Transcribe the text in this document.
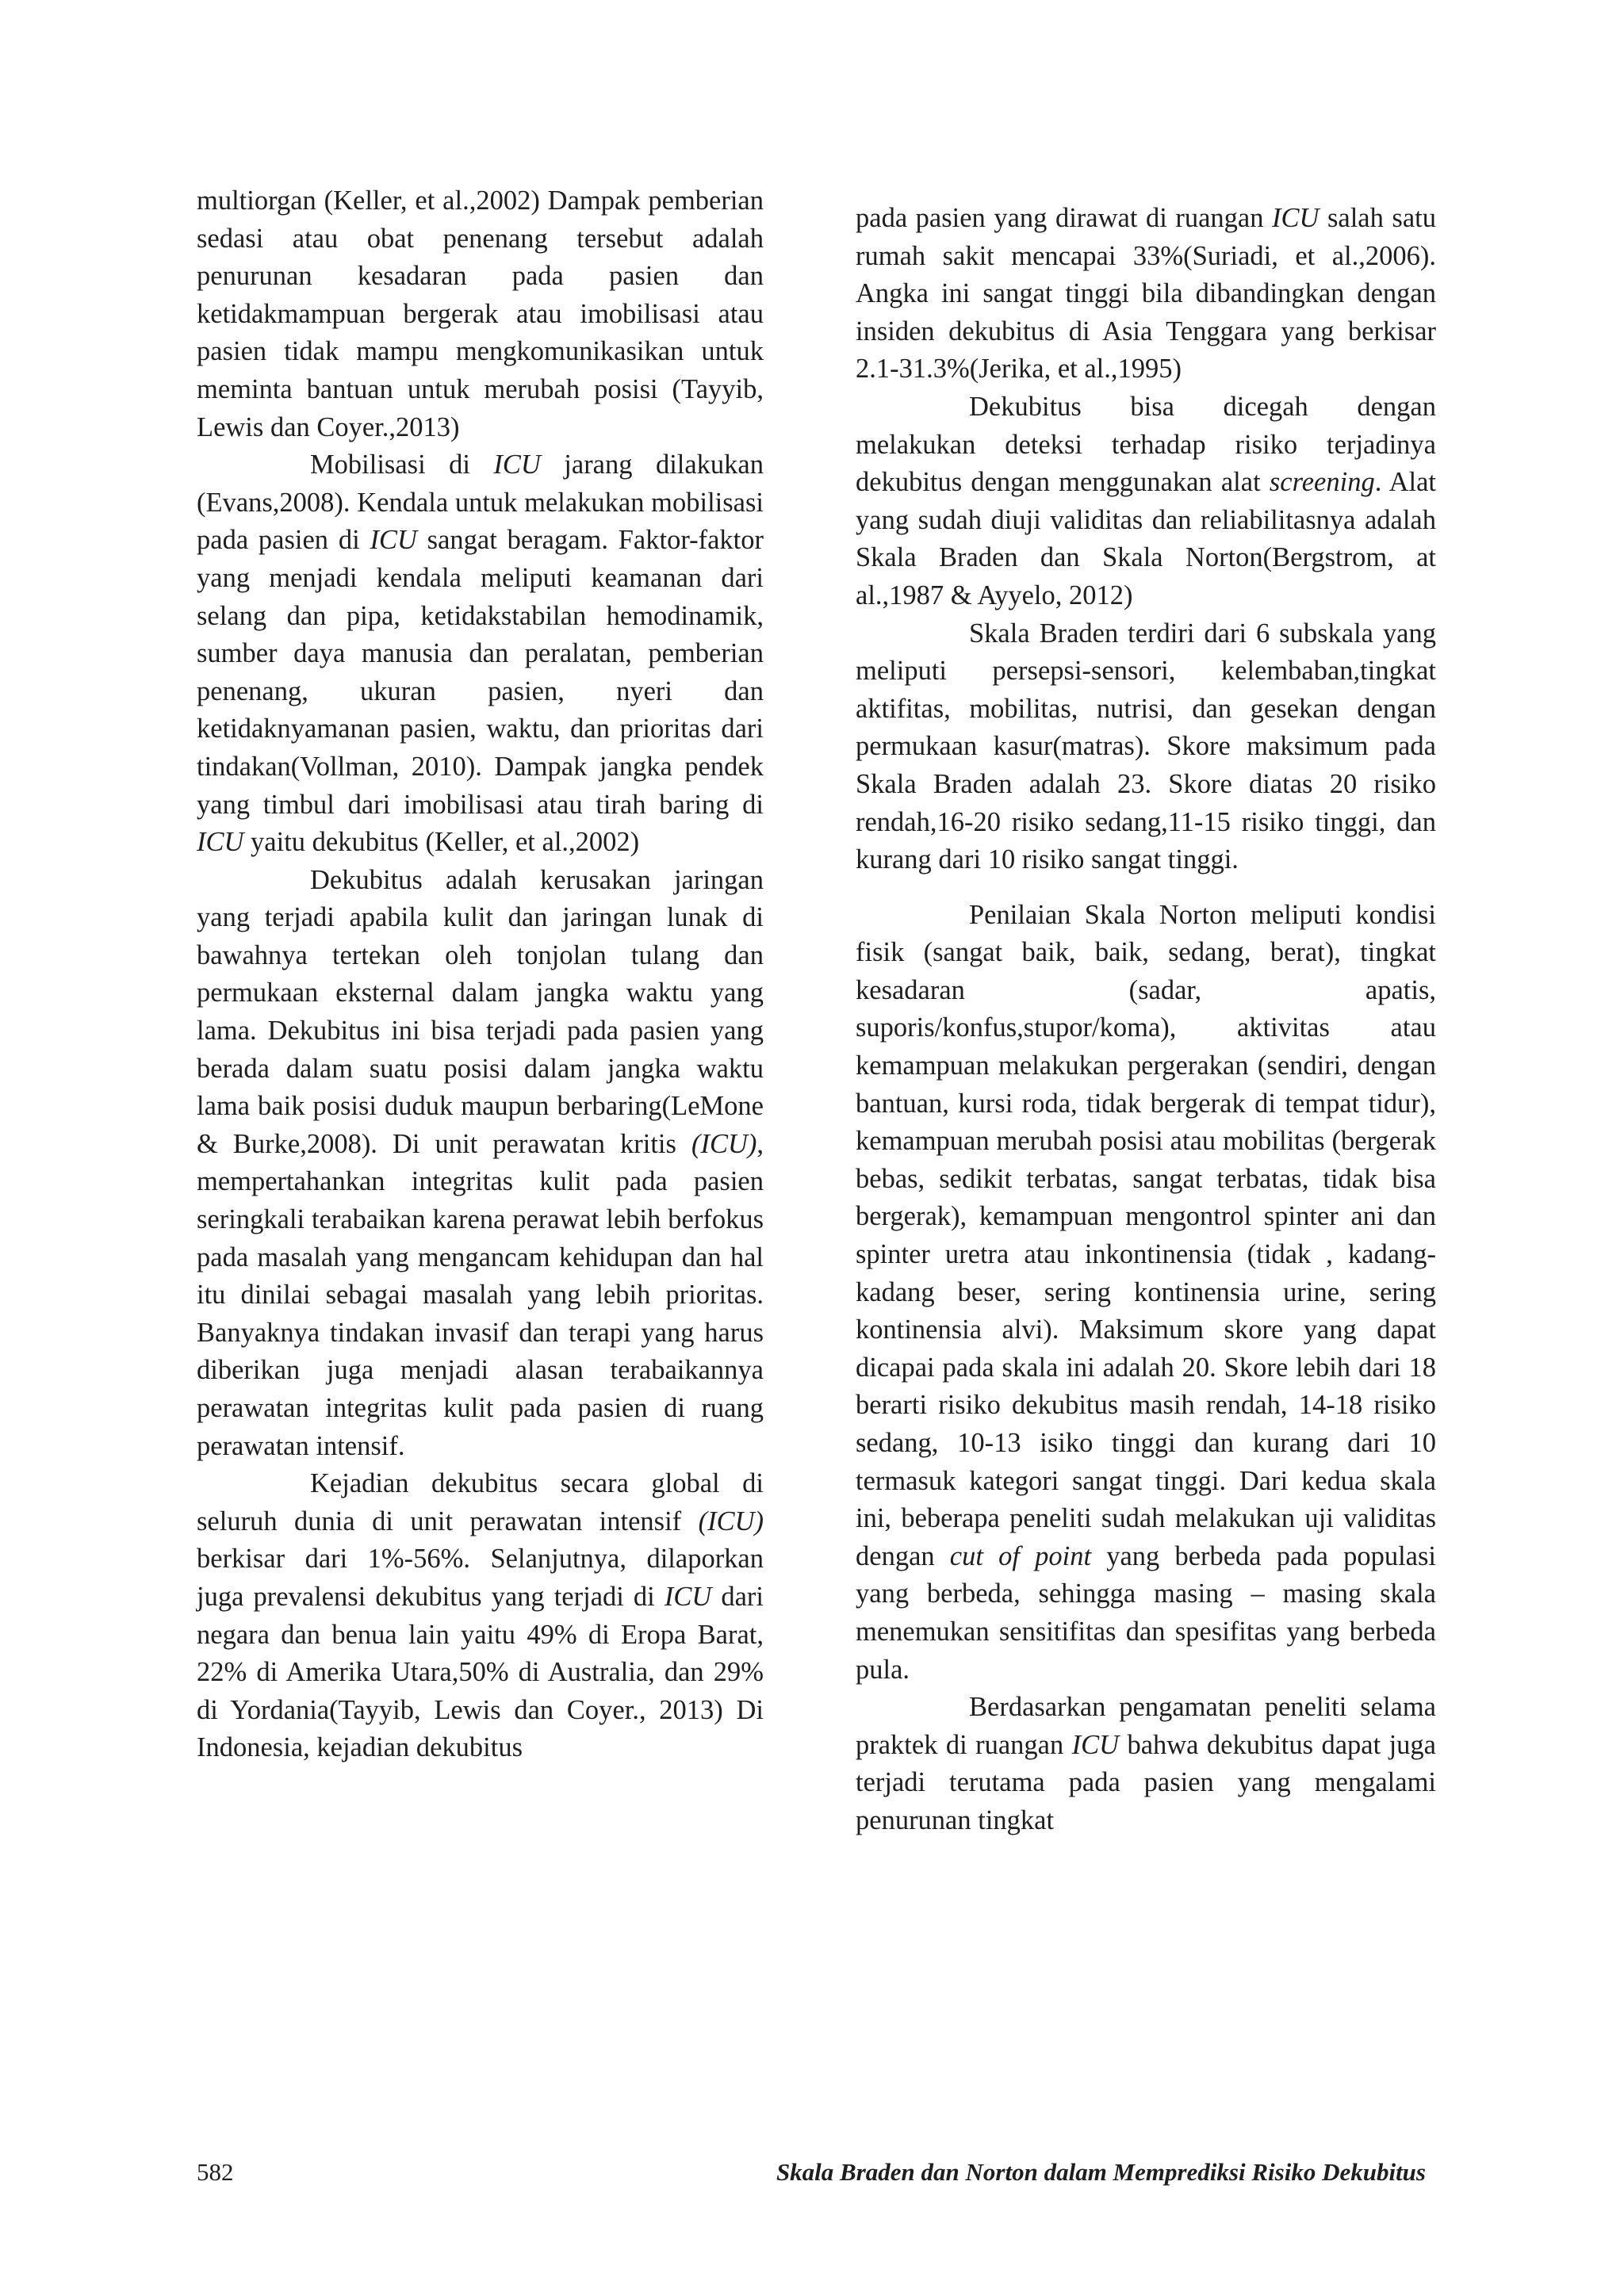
multiorgan (Keller, et al.,2002) Dampak pemberian sedasi atau obat penenang tersebut adalah penurunan kesadaran pada pasien dan ketidakmampuan bergerak atau imobilisasi atau pasien tidak mampu mengkomunikasikan untuk meminta bantuan untuk merubah posisi (Tayyib, Lewis dan Coyer.,2013)

Mobilisasi di ICU jarang dilakukan (Evans,2008). Kendala untuk melakukan mobilisasi pada pasien di ICU sangat beragam. Faktor-faktor yang menjadi kendala meliputi keamanan dari selang dan pipa, ketidakstabilan hemodinamik, sumber daya manusia dan peralatan, pemberian penenang, ukuran pasien, nyeri dan ketidaknyamanan pasien, waktu, dan prioritas dari tindakan(Vollman, 2010). Dampak jangka pendek yang timbul dari imobilisasi atau tirah baring di ICU yaitu dekubitus (Keller, et al.,2002)

Dekubitus adalah kerusakan jaringan yang terjadi apabila kulit dan jaringan lunak di bawahnya tertekan oleh tonjolan tulang dan permukaan eksternal dalam jangka waktu yang lama. Dekubitus ini bisa terjadi pada pasien yang berada dalam suatu posisi dalam jangka waktu lama baik posisi duduk maupun berbaring(LeMone & Burke,2008). Di unit perawatan kritis (ICU), mempertahankan integritas kulit pada pasien seringkali terabaikan karena perawat lebih berfokus pada masalah yang mengancam kehidupan dan hal itu dinilai sebagai masalah yang lebih prioritas. Banyaknya tindakan invasif dan terapi yang harus diberikan juga menjadi alasan terabaikannya perawatan integritas kulit pada pasien di ruang perawatan intensif.

Kejadian dekubitus secara global di seluruh dunia di unit perawatan intensif (ICU) berkisar dari 1%-56%. Selanjutnya, dilaporkan juga prevalensi dekubitus yang terjadi di ICU dari negara dan benua lain yaitu 49% di Eropa Barat, 22% di Amerika Utara,50% di Australia, dan 29% di Yordania(Tayyib, Lewis dan Coyer., 2013) Di Indonesia, kejadian dekubitus

pada pasien yang dirawat di ruangan ICU salah satu rumah sakit mencapai 33%(Suriadi, et al.,2006). Angka ini sangat tinggi bila dibandingkan dengan insiden dekubitus di Asia Tenggara yang berkisar 2.1-31.3%(Jerika, et al.,1995)

Dekubitus bisa dicegah dengan melakukan deteksi terhadap risiko terjadinya dekubitus dengan menggunakan alat screening. Alat yang sudah diuji validitas dan reliabilitasnya adalah Skala Braden dan Skala Norton(Bergstrom, at al.,1987 & Ayyelo, 2012)

Skala Braden terdiri dari 6 subskala yang meliputi persepsi-sensori, kelembaban,tingkat aktifitas, mobilitas, nutrisi, dan gesekan dengan permukaan kasur(matras). Skore maksimum pada Skala Braden adalah 23. Skore diatas 20 risiko rendah,16-20 risiko sedang,11-15 risiko tinggi, dan kurang dari 10 risiko sangat tinggi.

Penilaian Skala Norton meliputi kondisi fisik (sangat baik, baik, sedang, berat), tingkat kesadaran (sadar, apatis, suporis/konfus,stupor/koma), aktivitas atau kemampuan melakukan pergerakan (sendiri, dengan bantuan, kursi roda, tidak bergerak di tempat tidur), kemampuan merubah posisi atau mobilitas (bergerak bebas, sedikit terbatas, sangat terbatas, tidak bisa bergerak), kemampuan mengontrol spinter ani dan spinter uretra atau inkontinensia (tidak , kadang-kadang beser, sering kontinensia urine, sering kontinensia alvi). Maksimum skore yang dapat dicapai pada skala ini adalah 20. Skore lebih dari 18 berarti risiko dekubitus masih rendah, 14-18 risiko sedang, 10-13 isiko tinggi dan kurang dari 10 termasuk kategori sangat tinggi. Dari kedua skala ini, beberapa peneliti sudah melakukan uji validitas dengan cut of point yang berbeda pada populasi yang berbeda, sehingga masing – masing skala menemukan sensitifitas dan spesifitas yang berbeda pula.

Berdasarkan pengamatan peneliti selama praktek di ruangan ICU bahwa dekubitus dapat juga terjadi terutama pada pasien yang mengalami penurunan tingkat

582	Skala Braden dan Norton dalam Memprediksi Risiko Dekubitus
